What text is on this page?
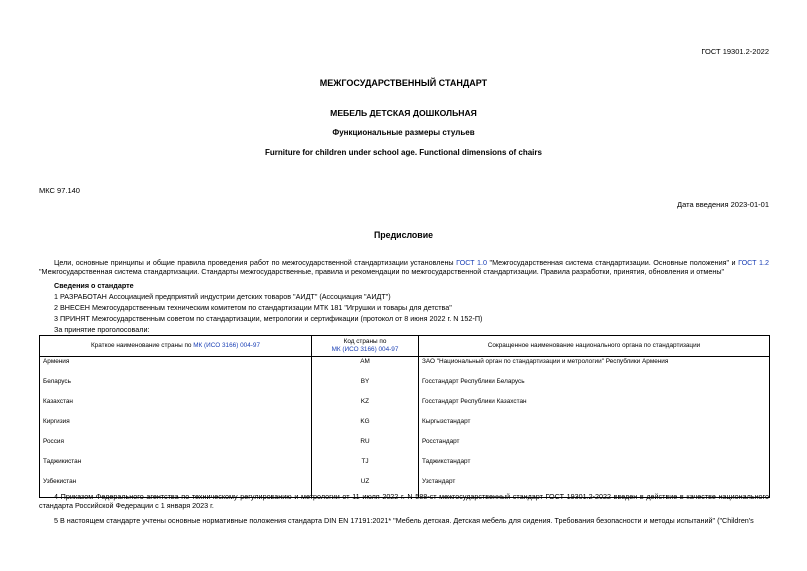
ГОСТ 19301.2-2022
МЕЖГОСУДАРСТВЕННЫЙ СТАНДАРТ
МЕБЕЛЬ ДЕТСКАЯ ДОШКОЛЬНАЯ
Функциональные размеры стульев
Furniture for children under school age. Functional dimensions of chairs
МКС 97.140
Дата введения 2023-01-01
Предисловие
Цели, основные принципы и общие правила проведения работ по межгосударственной стандартизации установлены ГОСТ 1.0 "Межгосударственная система стандартизации. Основные положения" и ГОСТ 1.2 "Межгосударственная система стандартизации. Стандарты межгосударственные, правила и рекомендации по межгосударственной стандартизации. Правила разработки, принятия, обновления и отмены"
Сведения о стандарте
1 РАЗРАБОТАН Ассоциацией предприятий индустрии детских товаров "АИДТ" (Ассоциация "АИДТ")
2 ВНЕСЕН Межгосударственным техническим комитетом по стандартизации МТК 181 "Игрушки и товары для детства"
3 ПРИНЯТ Межгосударственным советом по стандартизации, метрологии и сертификации (протокол от 8 июня 2022 г. N 152-П)
За принятие проголосовали:
Краткое наименование страны по МК (ИСО 3166) 004-97	Код страны по
МК (ИСО 3166) 004-97	Сокращенное наименование национального органа по стандартизации
Армения	AM	ЗАО "Национальный орган по стандартизации и метрологии" Республики Армения
Беларусь	BY	Госстандарт Республики Беларусь
Казахстан	KZ	Госстандарт Республики Казахстан
Киргизия	KG	Кыргызстандарт
Россия	RU	Росстандарт
Таджикистан	TJ	Таджикстандарт
Узбекистан	UZ	Узстандарт
4 Приказом Федерального агентства по техническому регулированию и метрологии от 11 июля 2022 г. N 588-ст межгосударственный стандарт ГОСТ 19301.2-2022 введен в действие в качестве национального стандарта Российской Федерации с 1 января 2023 г.
5 В настоящем стандарте учтены основные нормативные положения стандарта DIN EN 17191:2021* "Мебель детская. Детская мебель для сидения. Требования безопасности и методы испытаний" ("Children's
